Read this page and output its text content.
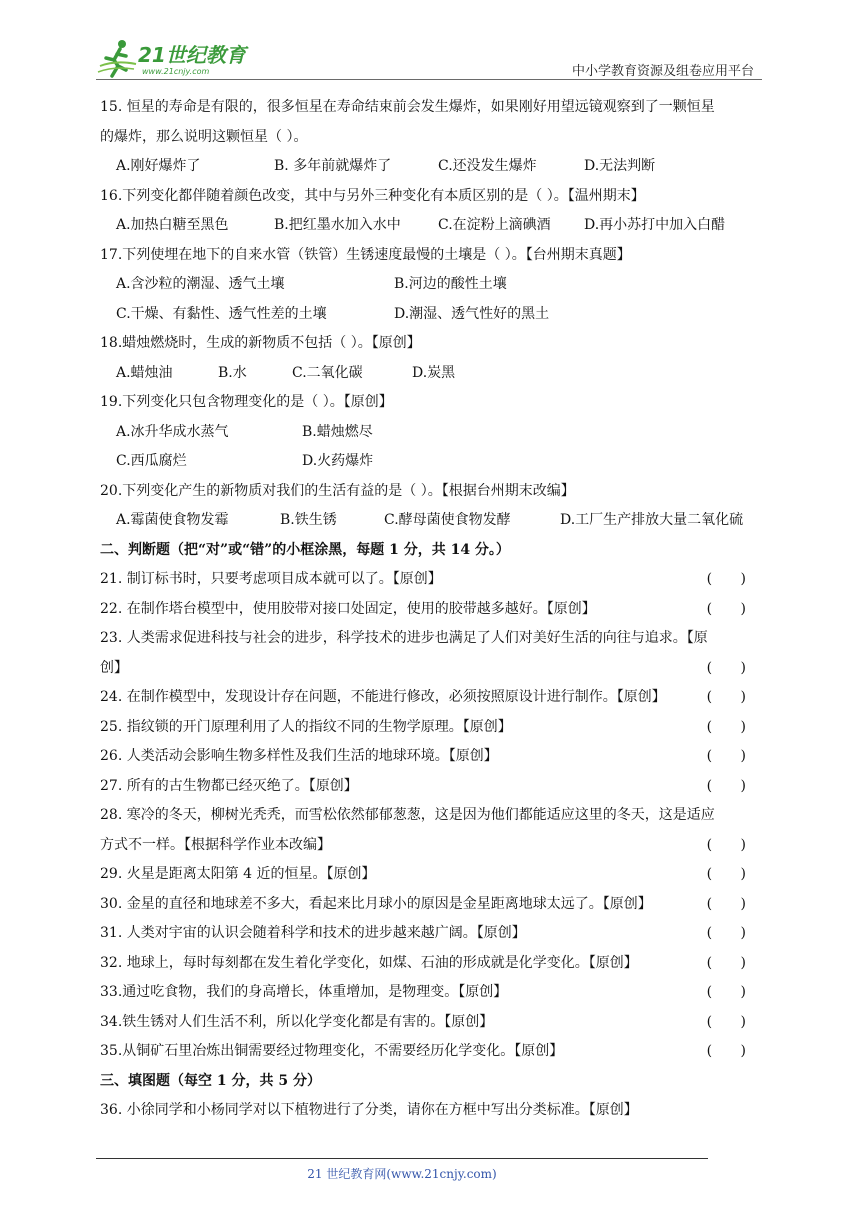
21世纪教育
www.21cnjy.com	中小学教育资源及组卷应用平台
15. 恒星的寿命是有限的，很多恒星在寿命结束前会发生爆炸，如果刚好用望远镜观察到了一颗恒星
的爆炸，那么说明这颗恒星（ ）。
A.刚好爆炸了	B. 多年前就爆炸了	C.还没发生爆炸	D.无法判断
16.下列变化都伴随着颜色改变，其中与另外三种变化有本质区别的是（ ）。【温州期末】
A.加热白糖至黑色	B.把红墨水加入水中	C.在淀粉上滴碘酒 D.再小苏打中加入白醋
17.下列使埋在地下的自来水管（铁管）生锈速度最慢的土壤是（ ）。【台州期末真题】
A.含沙粒的潮湿、透气土壤	B.河边的酸性土壤
C.干燥、有黏性、透气性差的土壤	D.潮湿、透气性好的黑土
18.蜡烛燃烧时，生成的新物质不包括（ ）。【原创】
A.蜡烛油	B.水	C.二氧化碳	D.炭黑
19.下列变化只包含物理变化的是（ ）。【原创】
A.冰升华成水蒸气	B.蜡烛燃尽
C.西瓜腐烂	D.火药爆炸
20.下列变化产生的新物质对我们的生活有益的是（ ）。【根据台州期末改编】
A.霉菌使食物发霉	B.铁生锈	C.酵母菌使食物发酵	D.工厂生产排放大量二氧化硫
二、判断题（把“对”或“错”的小框涂黑，每题 1 分，共 14 分。）
21. 制订标书时，只要考虑项目成本就可以了。【原创】	( )
22. 在制作塔台模型中，使用胶带对接口处固定，使用的胶带越多越好。【原创】	( )
23. 人类需求促进科技与社会的进步，科学技术的进步也满足了人们对美好生活的向往与追求。【原
创】	( )
24. 在制作模型中，发现设计存在问题，不能进行修改，必须按照原设计进行制作。【原创】	( )
25. 指纹锁的开门原理利用了人的指纹不同的生物学原理。【原创】	( )
26. 人类活动会影响生物多样性及我们生活的地球环境。【原创】	( )
27. 所有的古生物都已经灭绝了。【原创】	( )
28. 寒冷的冬天，柳树光秃秃，而雪松依然郁郁葱葱，这是因为他们都能适应这里的冬天，这是适应
方式不一样。【根据科学作业本改编】	( )
29. 火星是距离太阳第 4 近的恒星。【原创】	( )
30. 金星的直径和地球差不多大，看起来比月球小的原因是金星距离地球太远了。【原创】	( )
31. 人类对宇宙的认识会随着科学和技术的进步越来越广阔。【原创】	( )
32. 地球上，每时每刻都在发生着化学变化，如煤、石油的形成就是化学变化。【原创】	( )
33.通过吃食物，我们的身高增长，体重增加，是物理变。【原创】	( )
34.铁生锈对人们生活不利，所以化学变化都是有害的。【原创】	( )
35.从铜矿石里冶炼出铜需要经过物理变化，不需要经历化学变化。【原创】	( )
三、填图题（每空 1 分，共 5 分）
36. 小徐同学和小杨同学对以下植物进行了分类，请你在方框中写出分类标准。【原创】
21 世纪教育网(www.21cnjy.com)
